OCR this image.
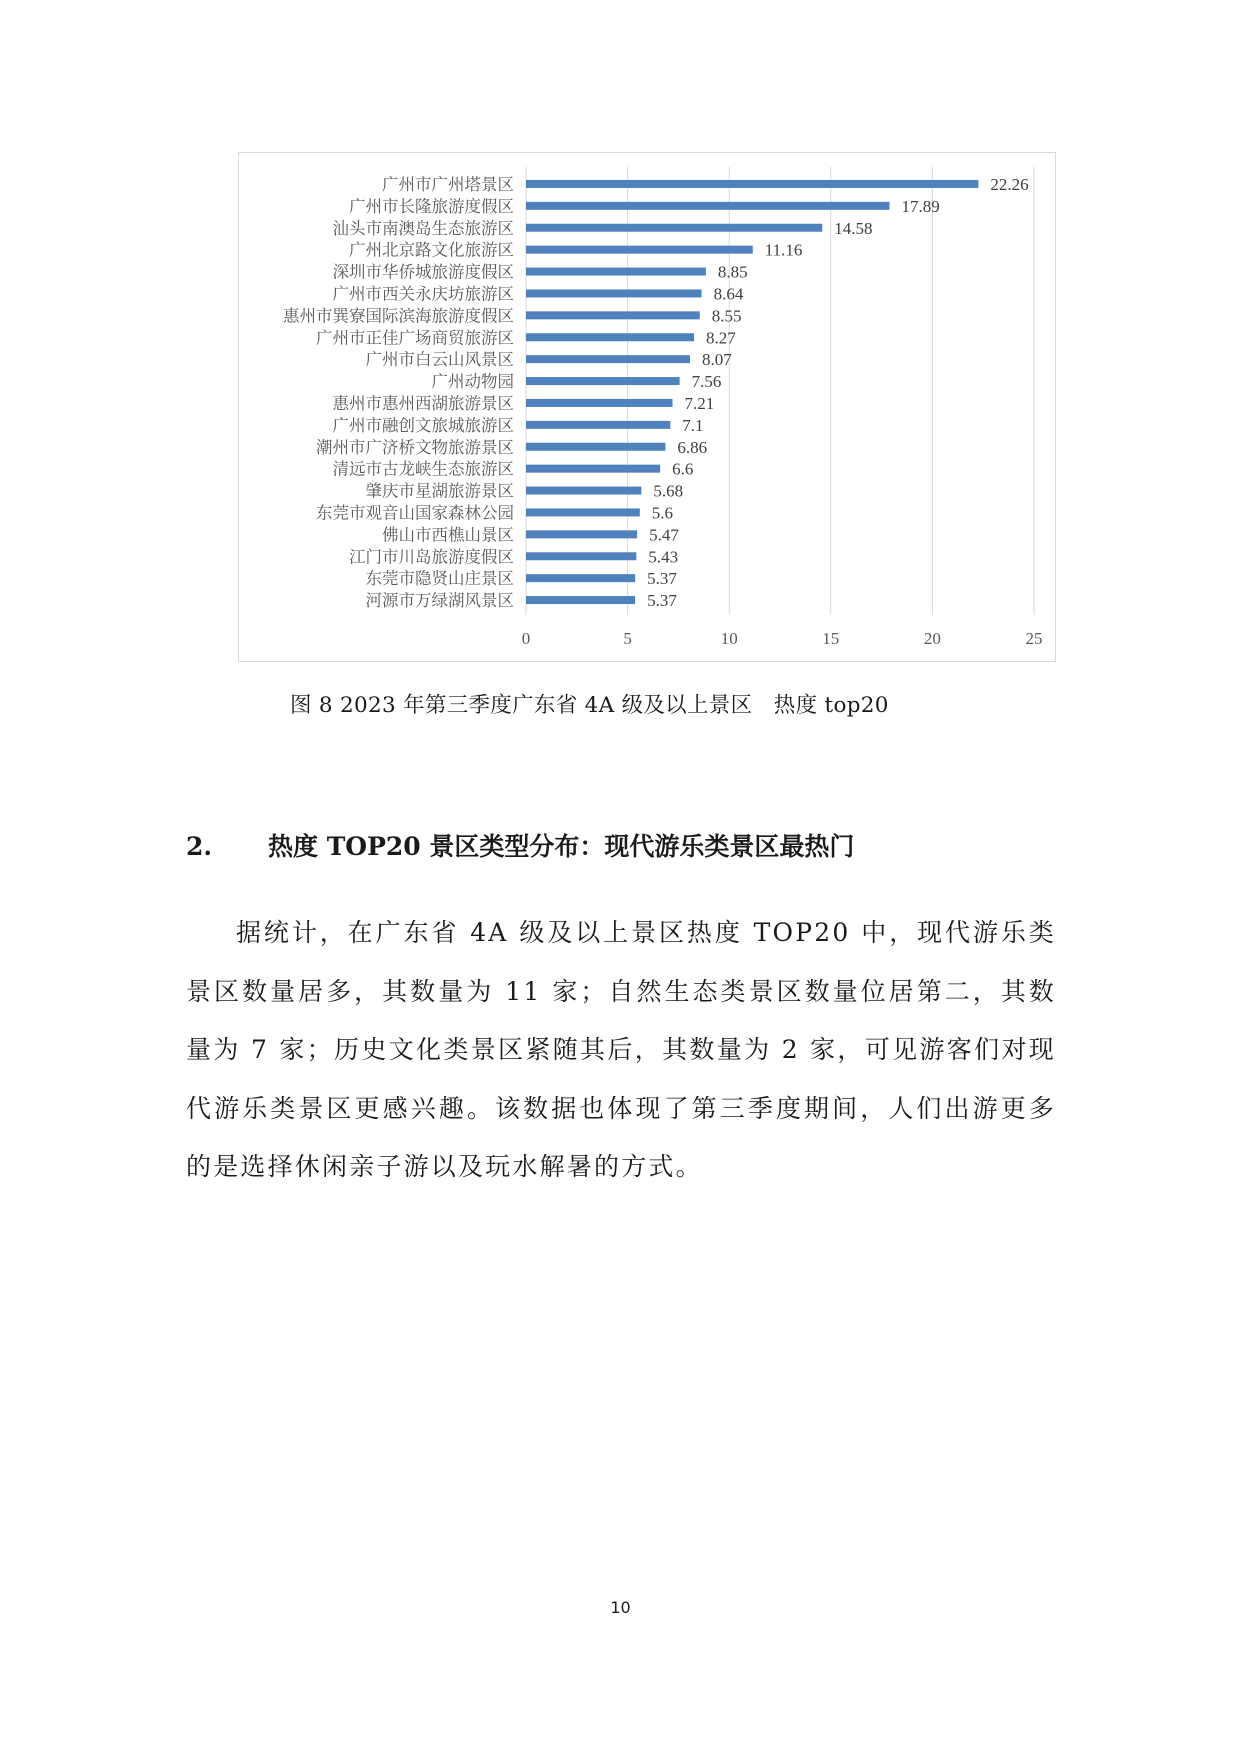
广州市广州塔景区	22.26
广州市长隆旅游度假区	17.89
汕头市南澳岛生态旅游区	14.58
广州北京路文化旅游区	11.16
深圳市华侨城旅游度假区	8.85
广州市西关永庆坊旅游区	8.64
惠州市巽寮国际滨海旅游度假区	8.55
广州市正佳广场商贸旅游区	8.27
广州市白云山风景区	8.07
广州动物园	7.56
惠州市惠州西湖旅游景区	7.21
广州市融创文旅城旅游区	7.1
潮州市广济桥文物旅游景区	6.86
清远市古龙峡生态旅游区	6.6
肇庆市星湖旅游景区	5.68
东莞市观音山国家森林公园	5.6
佛山市西樵山景区	5.47
江门市川岛旅游度假区	5.43
东莞市隐贤山庄景区	5.37
河源市万绿湖风景区	5.37
0	5	10	15	20	25
图 8 2023 年第三季度广东省 4A 级及以上景区   热度 top20
2. 热度 TOP20 景区类型分布：现代游乐类景区最热门

据统计，在广东省 4A 级及以上景区热度 TOP20 中，现代游乐类景区数量居多，其数量为 11 家；自然生态类景区数量位居第二，其数量为 7 家；历史文化类景区紧随其后，其数量为 2 家，可见游客们对现代游乐类景区更感兴趣。该数据也体现了第三季度期间，人们出游更多的是选择休闲亲子游以及玩水解暑的方式。

10
